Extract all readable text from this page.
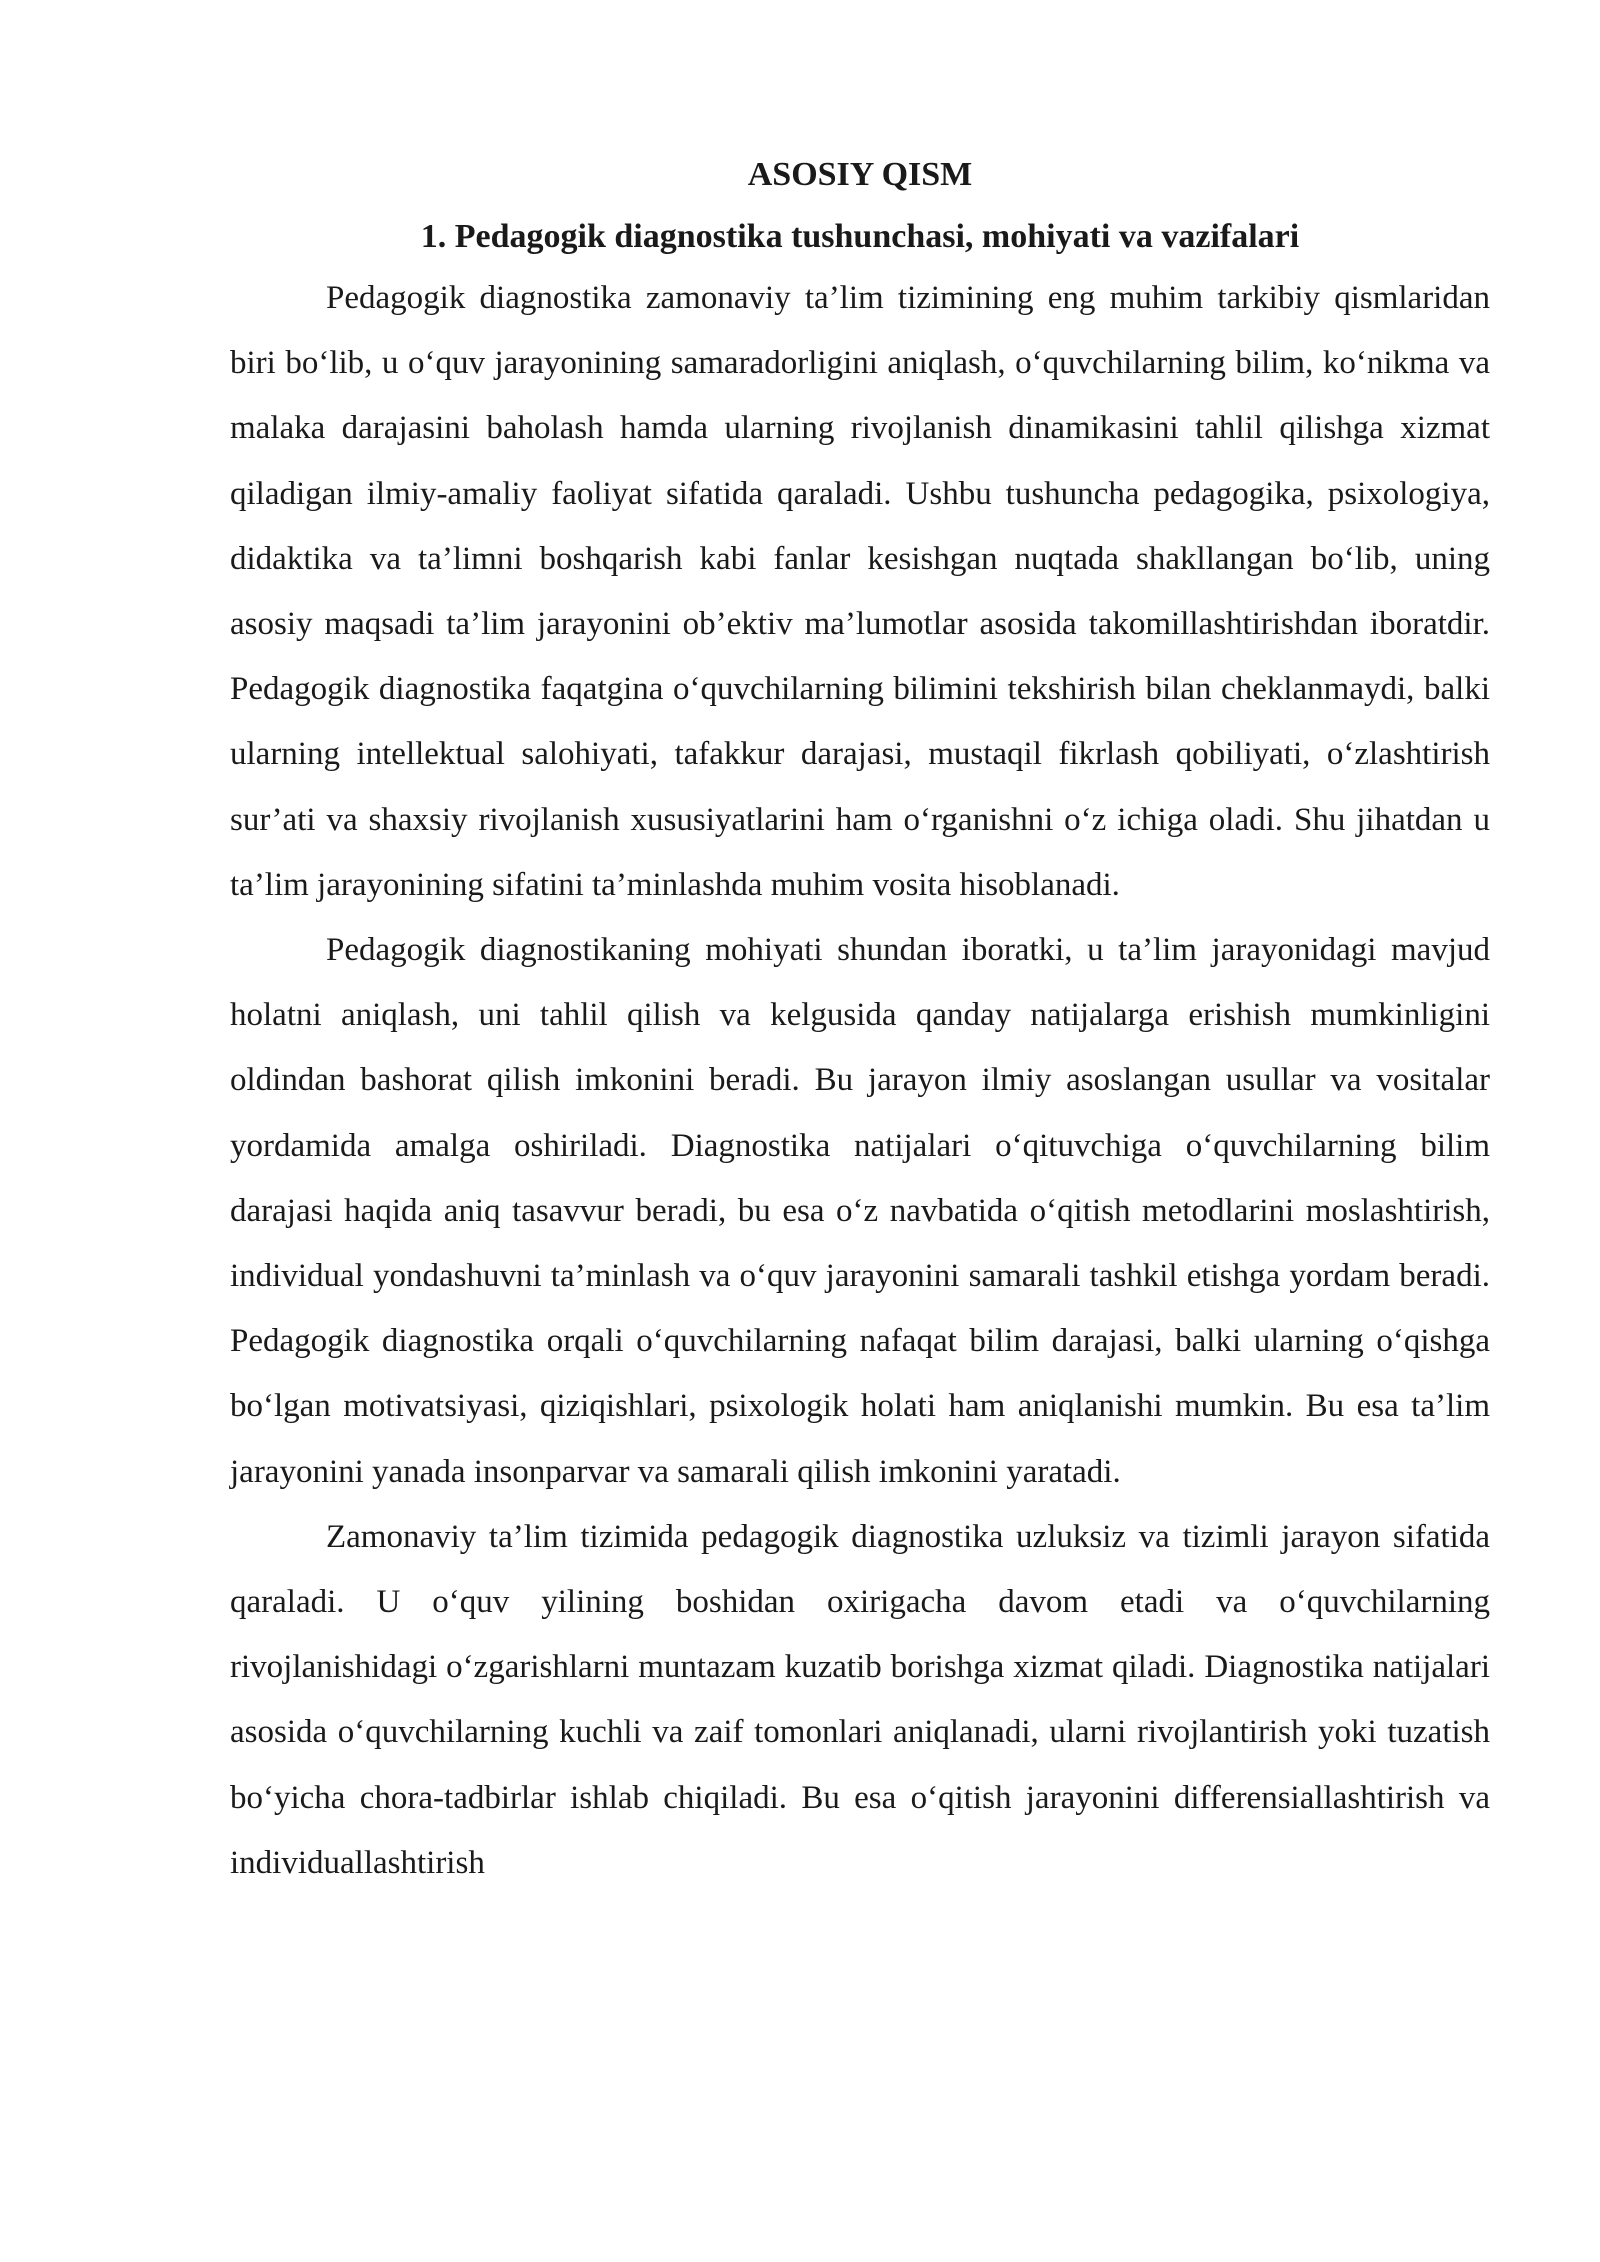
ASOSIY QISM
1. Pedagogik diagnostika tushunchasi, mohiyati va vazifalari

Pedagogik diagnostika zamonaviy ta’lim tizimining eng muhim tarkibiy qismlaridan biri bo‘lib, u o‘quv jarayonining samaradorligini aniqlash, o‘quvchilarning bilim, ko‘nikma va malaka darajasini baholash hamda ularning rivojlanish dinamikasini tahlil qilishga xizmat qiladigan ilmiy-amaliy faoliyat sifatida qaraladi. Ushbu tushuncha pedagogika, psixologiya, didaktika va ta’limni boshqarish kabi fanlar kesishgan nuqtada shakllangan bo‘lib, uning asosiy maqsadi ta’lim jarayonini ob’ektiv ma’lumotlar asosida takomillashtirishdan iboratdir. Pedagogik diagnostika faqatgina o‘quvchilarning bilimini tekshirish bilan cheklanmaydi, balki ularning intellektual salohiyati, tafakkur darajasi, mustaqil fikrlash qobiliyati, o‘zlashtirish sur’ati va shaxsiy rivojlanish xususiyatlarini ham o‘rganishni o‘z ichiga oladi. Shu jihatdan u ta’lim jarayonining sifatini ta’minlashda muhim vosita hisoblanadi.

Pedagogik diagnostikaning mohiyati shundan iboratki, u ta’lim jarayonidagi mavjud holatni aniqlash, uni tahlil qilish va kelgusida qanday natijalarga erishish mumkinligini oldindan bashorat qilish imkonini beradi. Bu jarayon ilmiy asoslangan usullar va vositalar yordamida amalga oshiriladi. Diagnostika natijalari o‘qituvchiga o‘quvchilarning bilim darajasi haqida aniq tasavvur beradi, bu esa o‘z navbatida o‘qitish metodlarini moslashtirish, individual yondashuvni ta’minlash va o‘quv jarayonini samarali tashkil etishga yordam beradi. Pedagogik diagnostika orqali o‘quvchilarning nafaqat bilim darajasi, balki ularning o‘qishga bo‘lgan motivatsiyasi, qiziqishlari, psixologik holati ham aniqlanishi mumkin. Bu esa ta’lim jarayonini yanada insonparvar va samarali qilish imkonini yaratadi.

Zamonaviy ta’lim tizimida pedagogik diagnostika uzluksiz va tizimli jarayon sifatida qaraladi. U o‘quv yilining boshidan oxirigacha davom etadi va o‘quvchilarning rivojlanishidagi o‘zgarishlarni muntazam kuzatib borishga xizmat qiladi. Diagnostika natijalari asosida o‘quvchilarning kuchli va zaif tomonlari aniqlanadi, ularni rivojlantirish yoki tuzatish bo‘yicha chora-tadbirlar ishlab chiqiladi. Bu esa o‘qitish jarayonini differensiallashtirish va individuallashtirish
